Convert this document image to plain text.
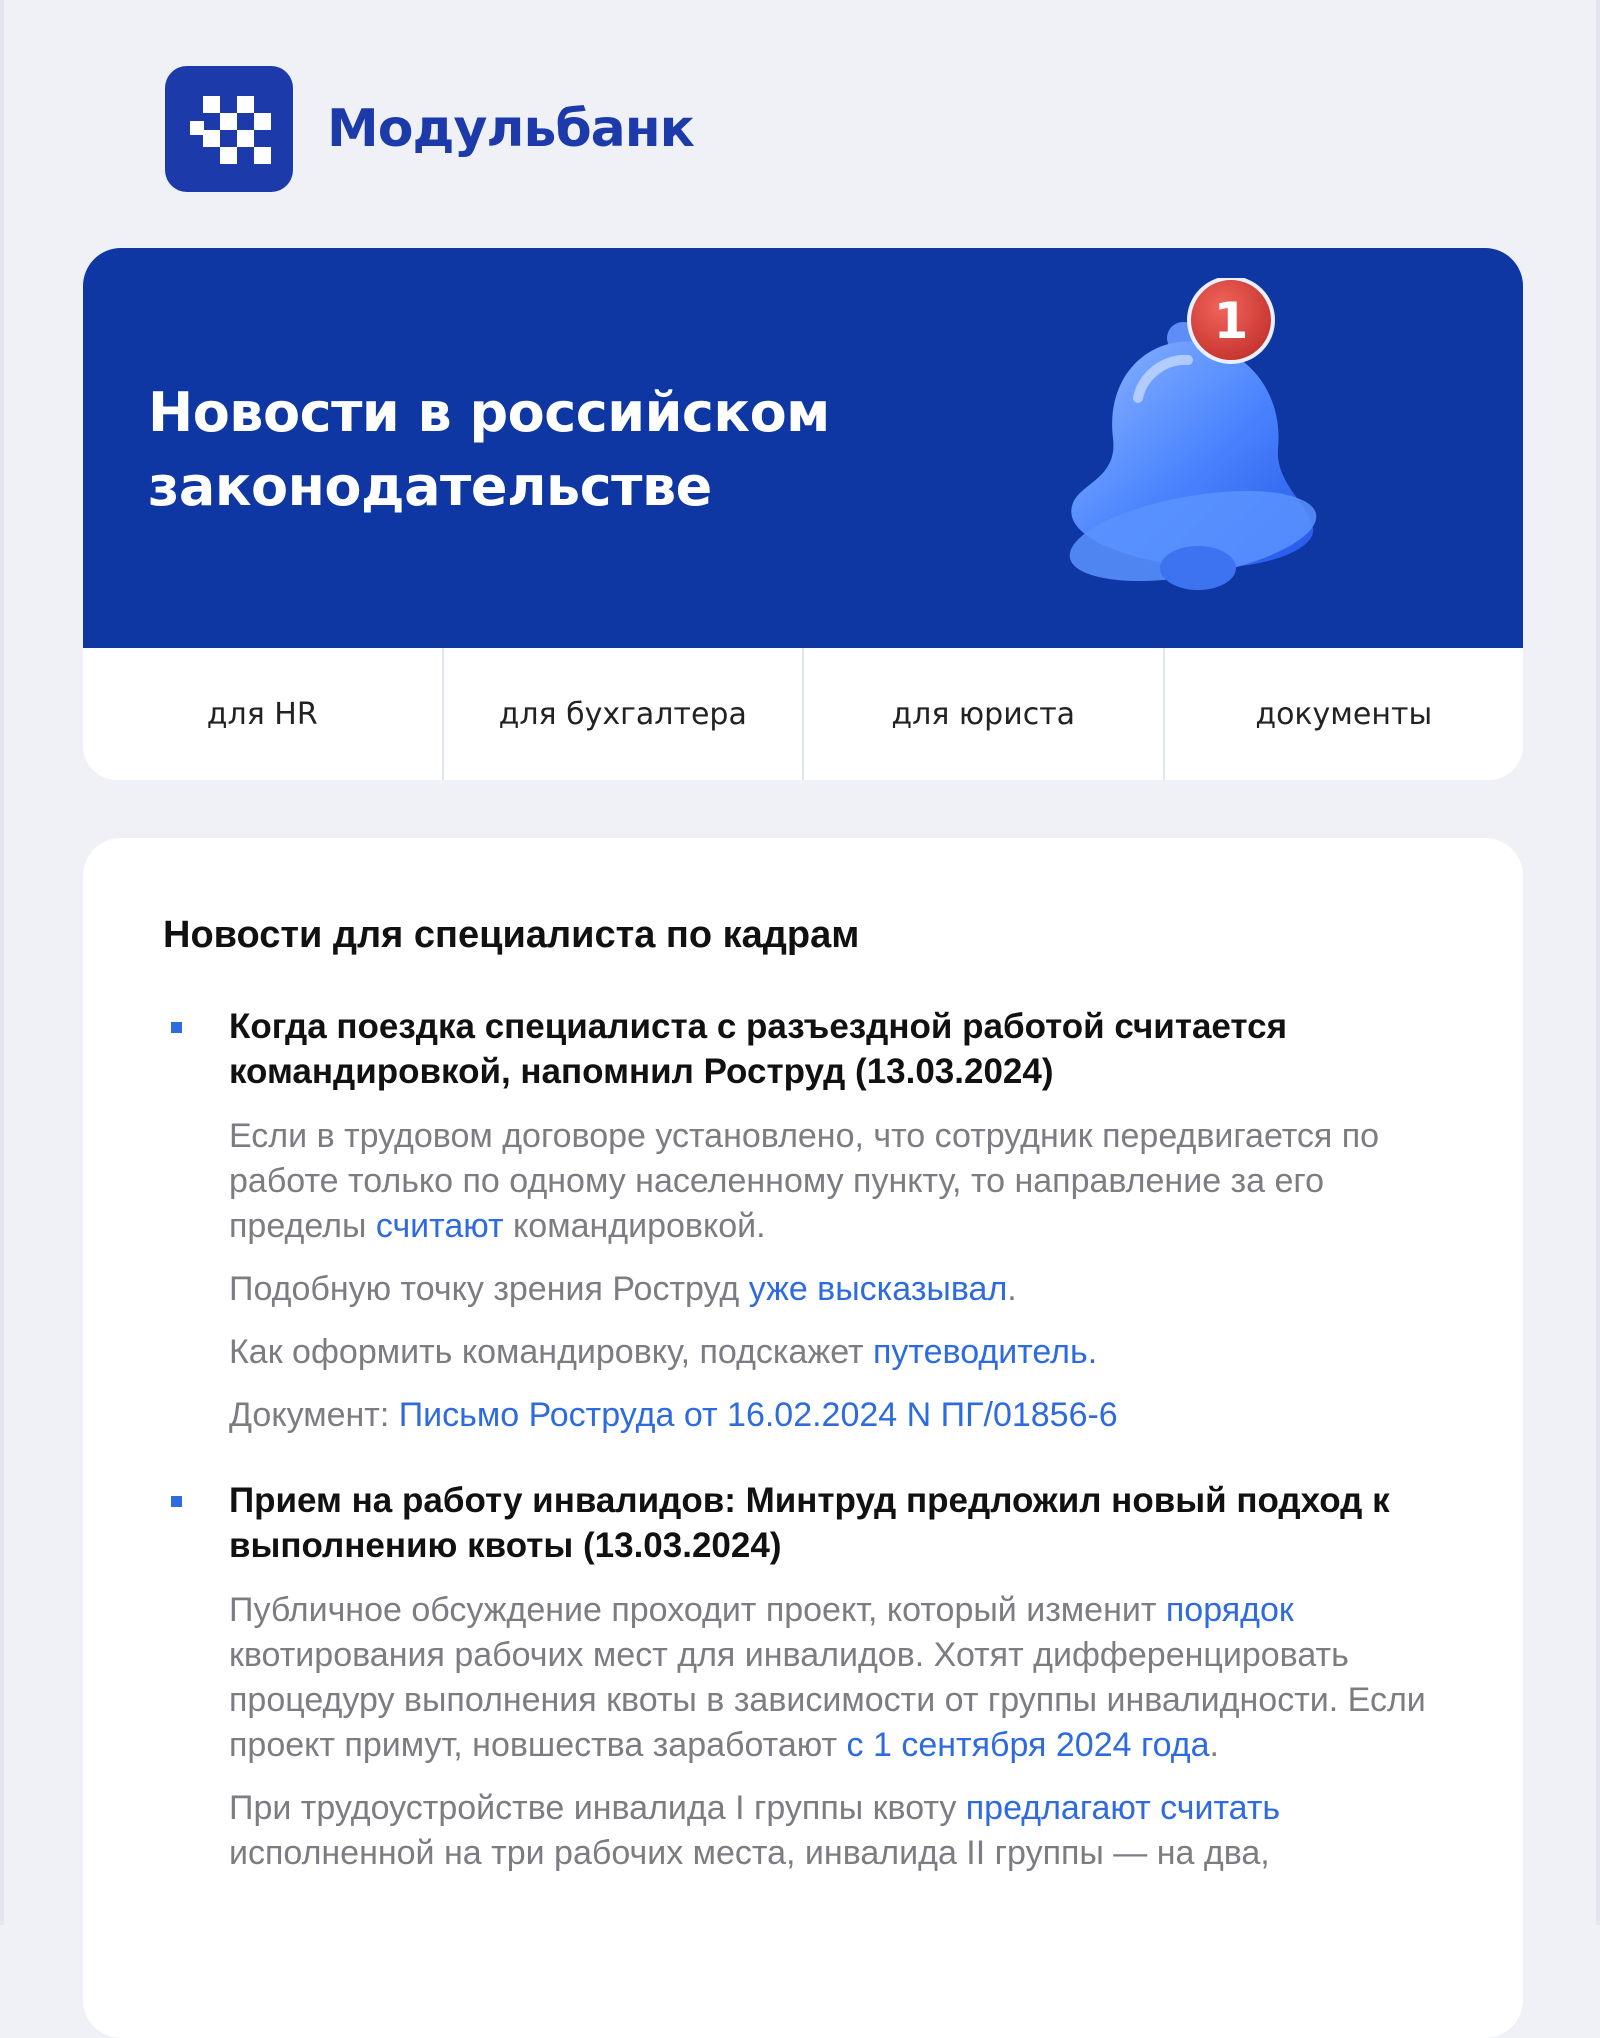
Модульбанк
Новости в российском
законодательстве
1
для HR	для бухгалтера	для юриста	документы
Новости для специалиста по кадрам
Когда поездка специалиста с разъездной работой считается командировкой, напомнил Роструд (13.03.2024)
Если в трудовом договоре установлено, что сотрудник передвигается по работе только по одному населенному пункту, то направление за его пределы считают командировкой.
Подобную точку зрения Роструд уже высказывал.
Как оформить командировку, подскажет путеводитель.
Документ: Письмо Роструда от 16.02.2024 N ПГ/01856-6
Прием на работу инвалидов: Минтруд предложил новый подход к выполнению квоты (13.03.2024)
Публичное обсуждение проходит проект, который изменит порядок квотирования рабочих мест для инвалидов. Хотят дифференцировать процедуру выполнения квоты в зависимости от группы инвалидности. Если проект примут, новшества заработают с 1 сентября 2024 года.
При трудоустройстве инвалида I группы квоту предлагают считать исполненной на три рабочих места, инвалида II группы — на два,
